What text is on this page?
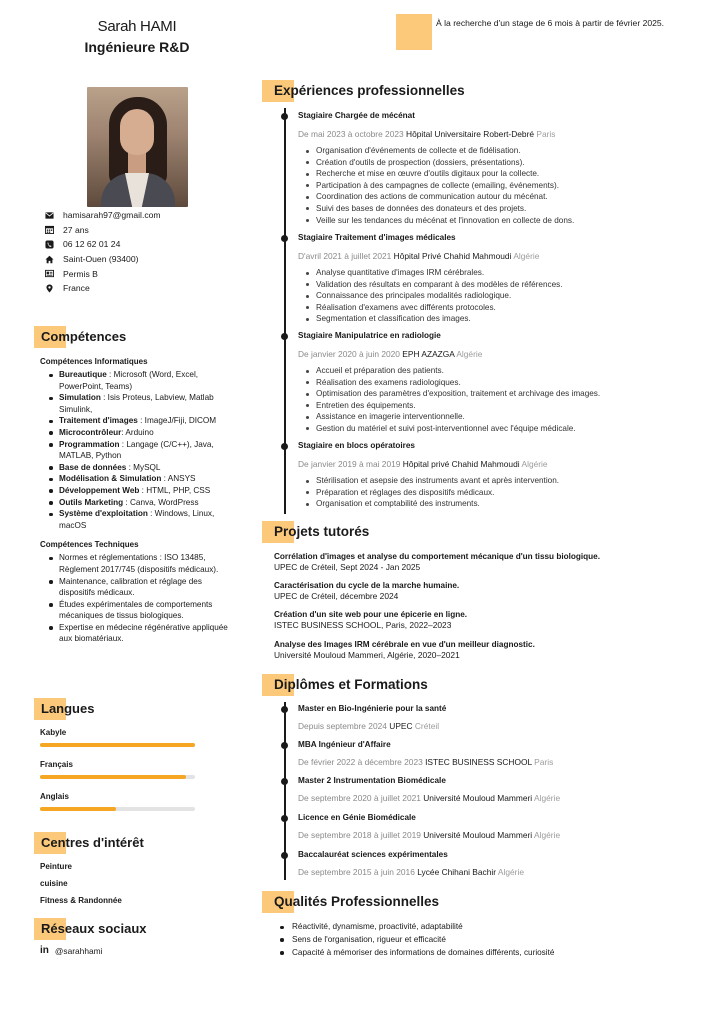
Sarah HAMI
Ingénieure R&D
hamisarah97@gmail.com
27 ans
06 12 62 01 24
Saint-Ouen (93400)
Permis B
France
Compétences
Compétences Informatiques
Bureautique : Microsoft (Word, Excel, PowerPoint, Teams)
Simulation : Isis Proteus, Labview, Matlab Simulink,
Traitement d'images : ImageJ/Fiji, DICOM
Microcontrôleur: Arduino
Programmation : Langage (C/C++), Java, MATLAB, Python
Base de données : MySQL
Modélisation & Simulation : ANSYS
Développement Web : HTML, PHP, CSS
Outils Marketing : Canva, WordPress
Système d'exploitation : Windows, Linux, macOS
Compétences Techniques
Normes et réglementations : ISO 13485, Règlement 2017/745 (dispositifs médicaux).
Maintenance, calibration et réglage des dispositifs médicaux.
Études expérimentales de comportements mécaniques de tissus biologiques.
Expertise en médecine régénérative appliquée aux biomatériaux.
Langues
Kabyle
Français
Anglais
Centres d'intérêt
Peinture
cuisine
Fitness & Randonnée
Réseaux sociaux
in @sarahhami
À la recherche d'un stage de 6 mois à partir de février 2025.
Expériences professionnelles
Stagiaire Chargée de mécénat
De mai 2023 à octobre 2023 Hôpital Universitaire Robert-Debré Paris
Organisation d'événements de collecte et de fidélisation.
Création d'outils de prospection (dossiers, présentations).
Recherche et mise en œuvre d'outils digitaux pour la collecte.
Participation à des campagnes de collecte (emailing, événements).
Coordination des actions de communication autour du mécénat.
Suivi des bases de données des donateurs et des projets.
Veille sur les tendances du mécénat et l'innovation en collecte de dons.
Stagiaire Traitement d'images médicales
D'avril 2021 à juillet 2021 Hôpital Privé Chahid Mahmoudi Algérie
Analyse quantitative d'images IRM cérébrales.
Validation des résultats en comparant à des modèles de références.
Connaissance des principales modalités radiologique.
Réalisation d'examens avec différents protocoles.
Segmentation et classification des images.
Stagiaire Manipulatrice en radiologie
De janvier 2020 à juin 2020 EPH AZAZGA Algérie
Accueil et préparation des patients.
Réalisation des examens radiologiques.
Optimisation des paramètres d'exposition, traitement et archivage des images.
Entretien des équipements.
Assistance en imagerie interventionnelle.
Gestion du matériel et suivi post-interventionnel avec l'équipe médicale.
Stagiaire en blocs opératoires
De janvier 2019 à mai 2019 Hôpital privé Chahid Mahmoudi Algérie
Stérilisation et asepsie des instruments avant et après intervention.
Préparation et réglages des dispositifs médicaux.
Organisation et comptabilité des instruments.
Projets tutorés
Corrélation d'images et analyse du comportement mécanique d'un tissu biologique.
UPEC de Créteil, Sept 2024 - Jan 2025
Caractérisation du cycle de la marche humaine.
UPEC de Créteil, décembre 2024
Création d'un site web pour une épicerie en ligne.
ISTEC BUSINESS SCHOOL, Paris, 2022–2023
Analyse des Images IRM cérébrale en vue d'un meilleur diagnostic.
Université Mouloud Mammeri, Algérie, 2020–2021
Diplômes et Formations
Master en Bio-Ingénierie pour la santé
Depuis septembre 2024 UPEC Créteil
MBA Ingénieur d'Affaire
De février 2022 à décembre 2023 ISTEC BUSINESS SCHOOL Paris
Master 2 Instrumentation Biomédicale
De septembre 2020 à juillet 2021 Université Mouloud Mammeri Algérie
Licence en Génie Biomédicale
De septembre 2018 à juillet 2019 Université Mouloud Mammeri Algérie
Baccalauréat sciences expérimentales
De septembre 2015 à juin 2016 Lycée Chihani Bachir Algérie
Qualités Professionnelles
Réactivité, dynamisme, proactivité, adaptabilité
Sens de l'organisation, rigueur et efficacité
Capacité à mémoriser des informations de domaines différents, curiosité
